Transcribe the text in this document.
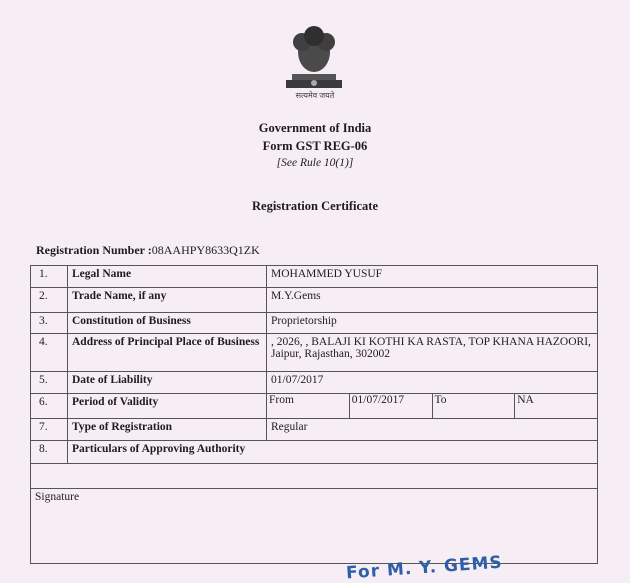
सत्यमेव जयते
Government of India
Form GST REG-06
[See Rule 10(1)]
Registration Certificate
Registration Number :08AAHPY8633Q1ZK
1.	Legal Name	MOHAMMED YUSUF
2.	Trade Name, if any	M.Y.Gems
3.	Constitution of Business	Proprietorship
4.	Address of Principal Place of Business	, 2026, , BALAJI KI KOTHI KA RASTA, TOP KHANA HAZOORI, Jaipur, Rajasthan, 302002
5.	Date of Liability	01/07/2017
6.	Period of Validity	From 01/07/2017 To NA

7.	Type of Registration	Regular
8.	Particulars of Approving Authority	

Signature		
For M. Y. GEMS
